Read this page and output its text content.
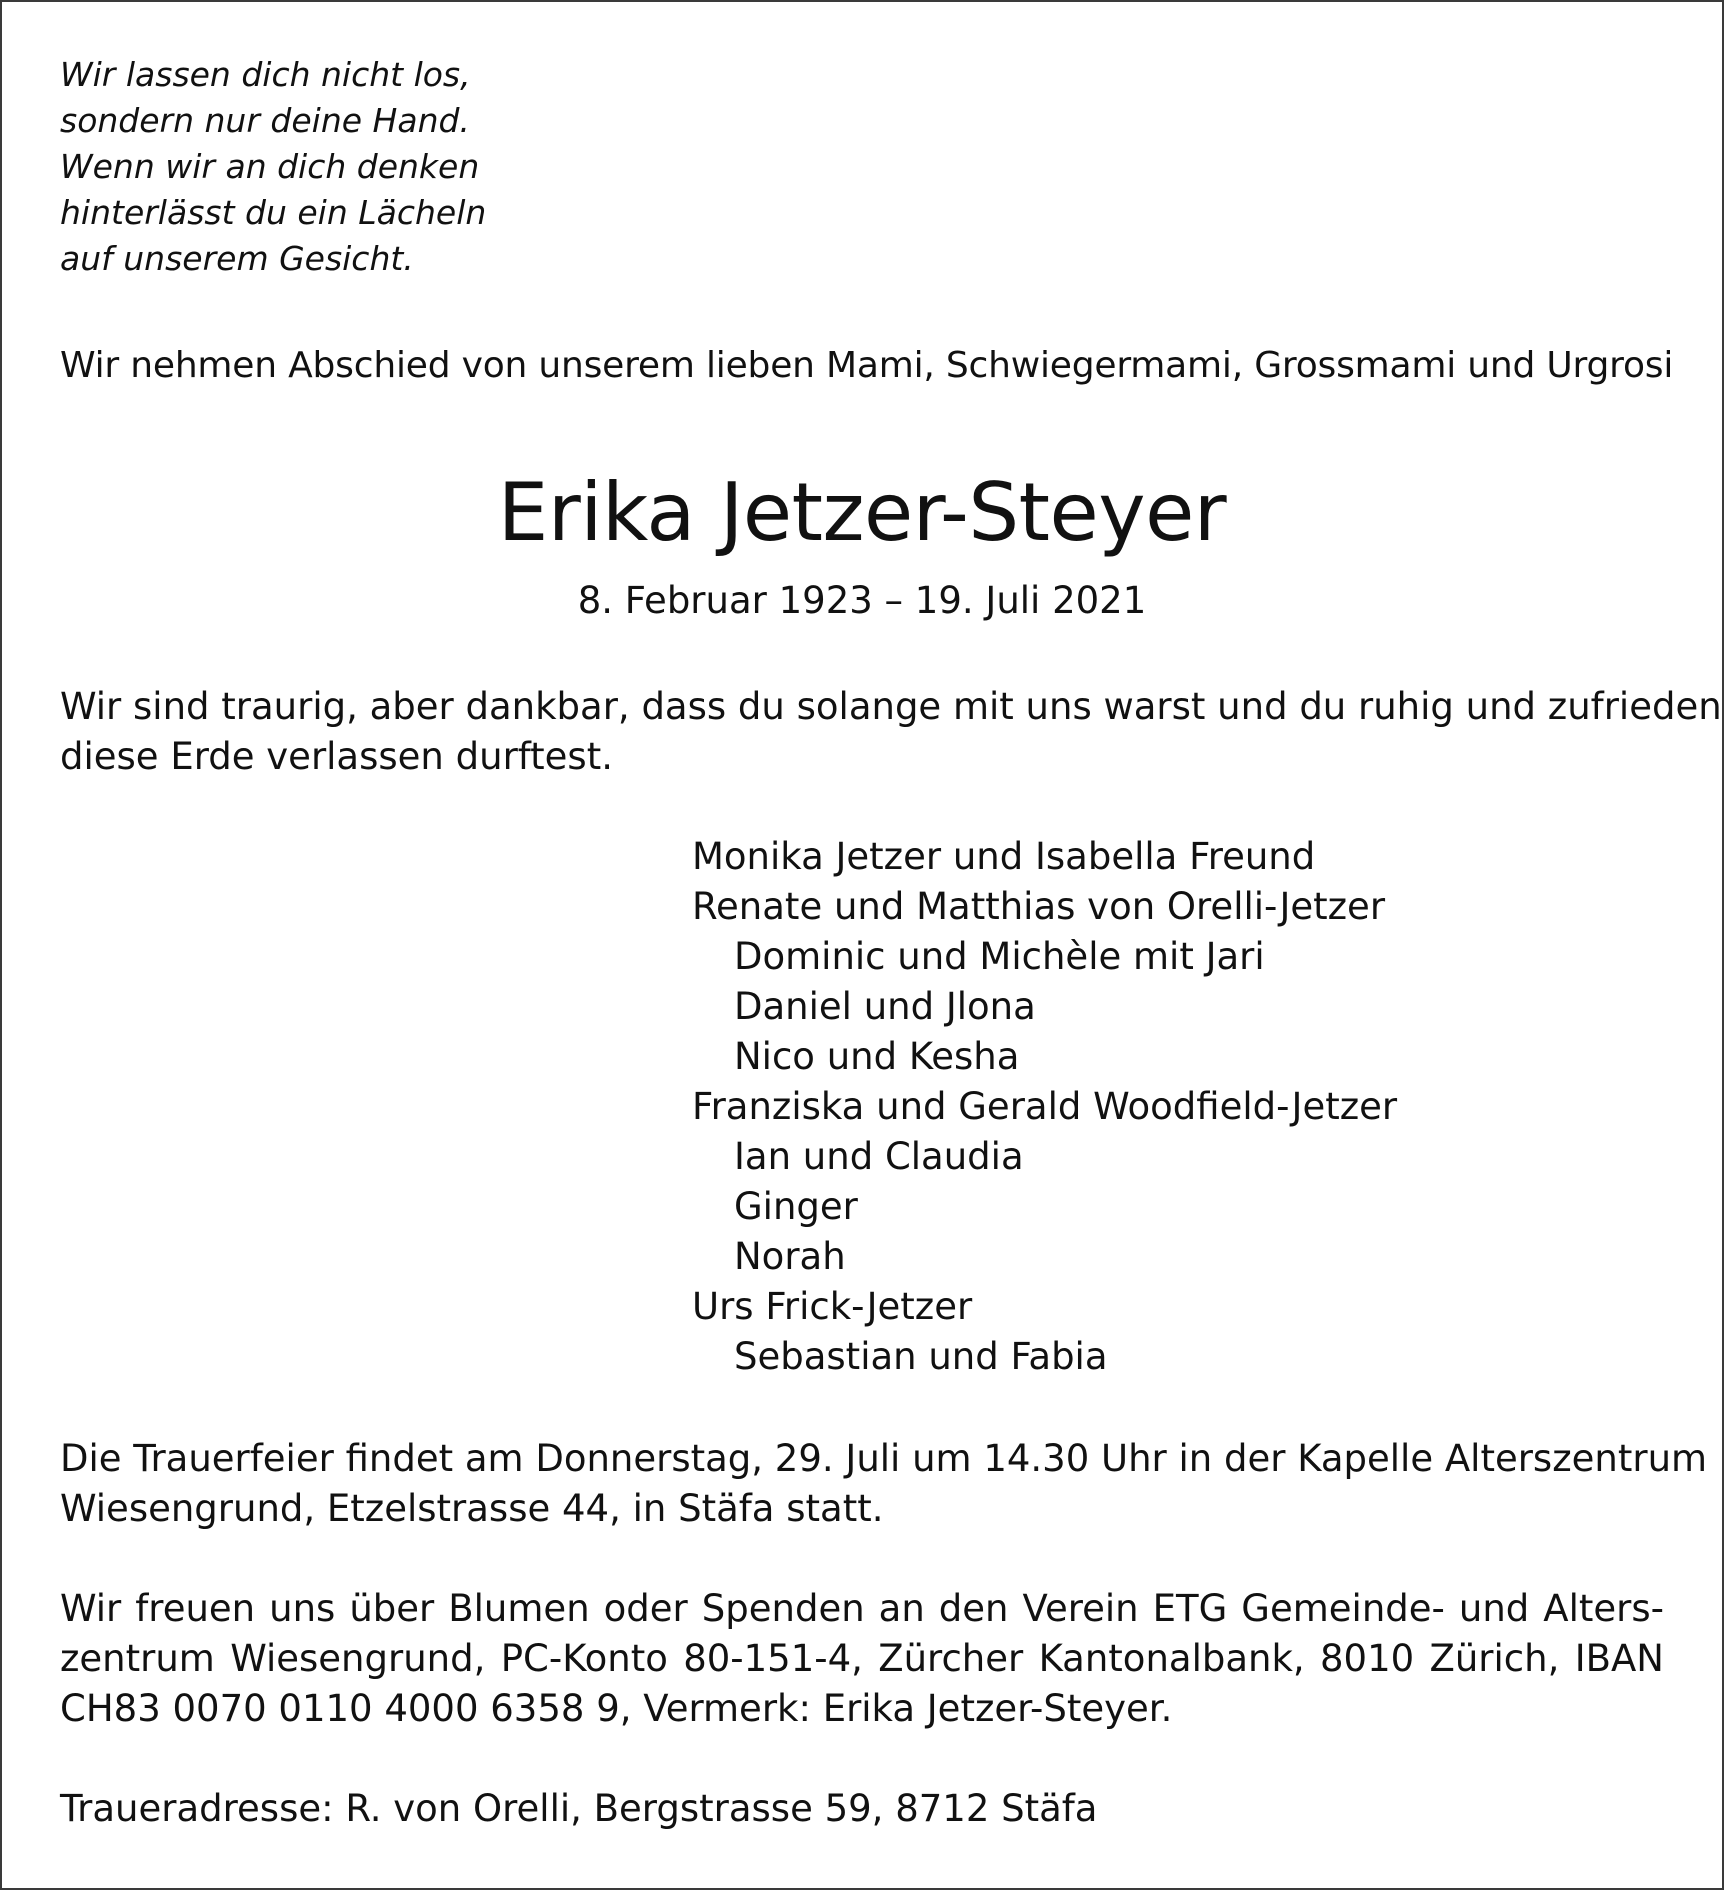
Wir lassen dich nicht los,
sondern nur deine Hand.
Wenn wir an dich denken
hinterlässt du ein Lächeln
auf unserem Gesicht.
Wir nehmen Abschied von unserem lieben Mami, Schwiegermami, Grossmami und Urgrosi
Erika Jetzer-Steyer
8. Februar 1923 – 19. Juli 2021
Wir sind traurig, aber dankbar, dass du solange mit uns warst und du ruhig und zufrieden
diese Erde verlassen durftest.
Monika Jetzer und Isabella Freund
Renate und Matthias von Orelli-Jetzer
Dominic und Michèle mit Jari
Daniel und Jlona
Nico und Kesha
Franziska und Gerald Woodfield-Jetzer
Ian und Claudia
Ginger
Norah
Urs Frick-Jetzer
Sebastian und Fabia
Die Trauerfeier findet am Donnerstag, 29. Juli um 14.30 Uhr in der Kapelle Alterszentrum
Wiesengrund, Etzelstrasse 44, in Stäfa statt.
Wir freuen uns über Blumen oder Spenden an den Verein ETG Gemeinde- und Alters-
zentrum Wiesengrund, PC-Konto 80-151-4, Zürcher Kantonalbank, 8010 Zürich, IBAN
CH83 0070 0110 4000 6358 9, Vermerk: Erika Jetzer-Steyer.
Traueradresse: R. von Orelli, Bergstrasse 59, 8712 Stäfa
